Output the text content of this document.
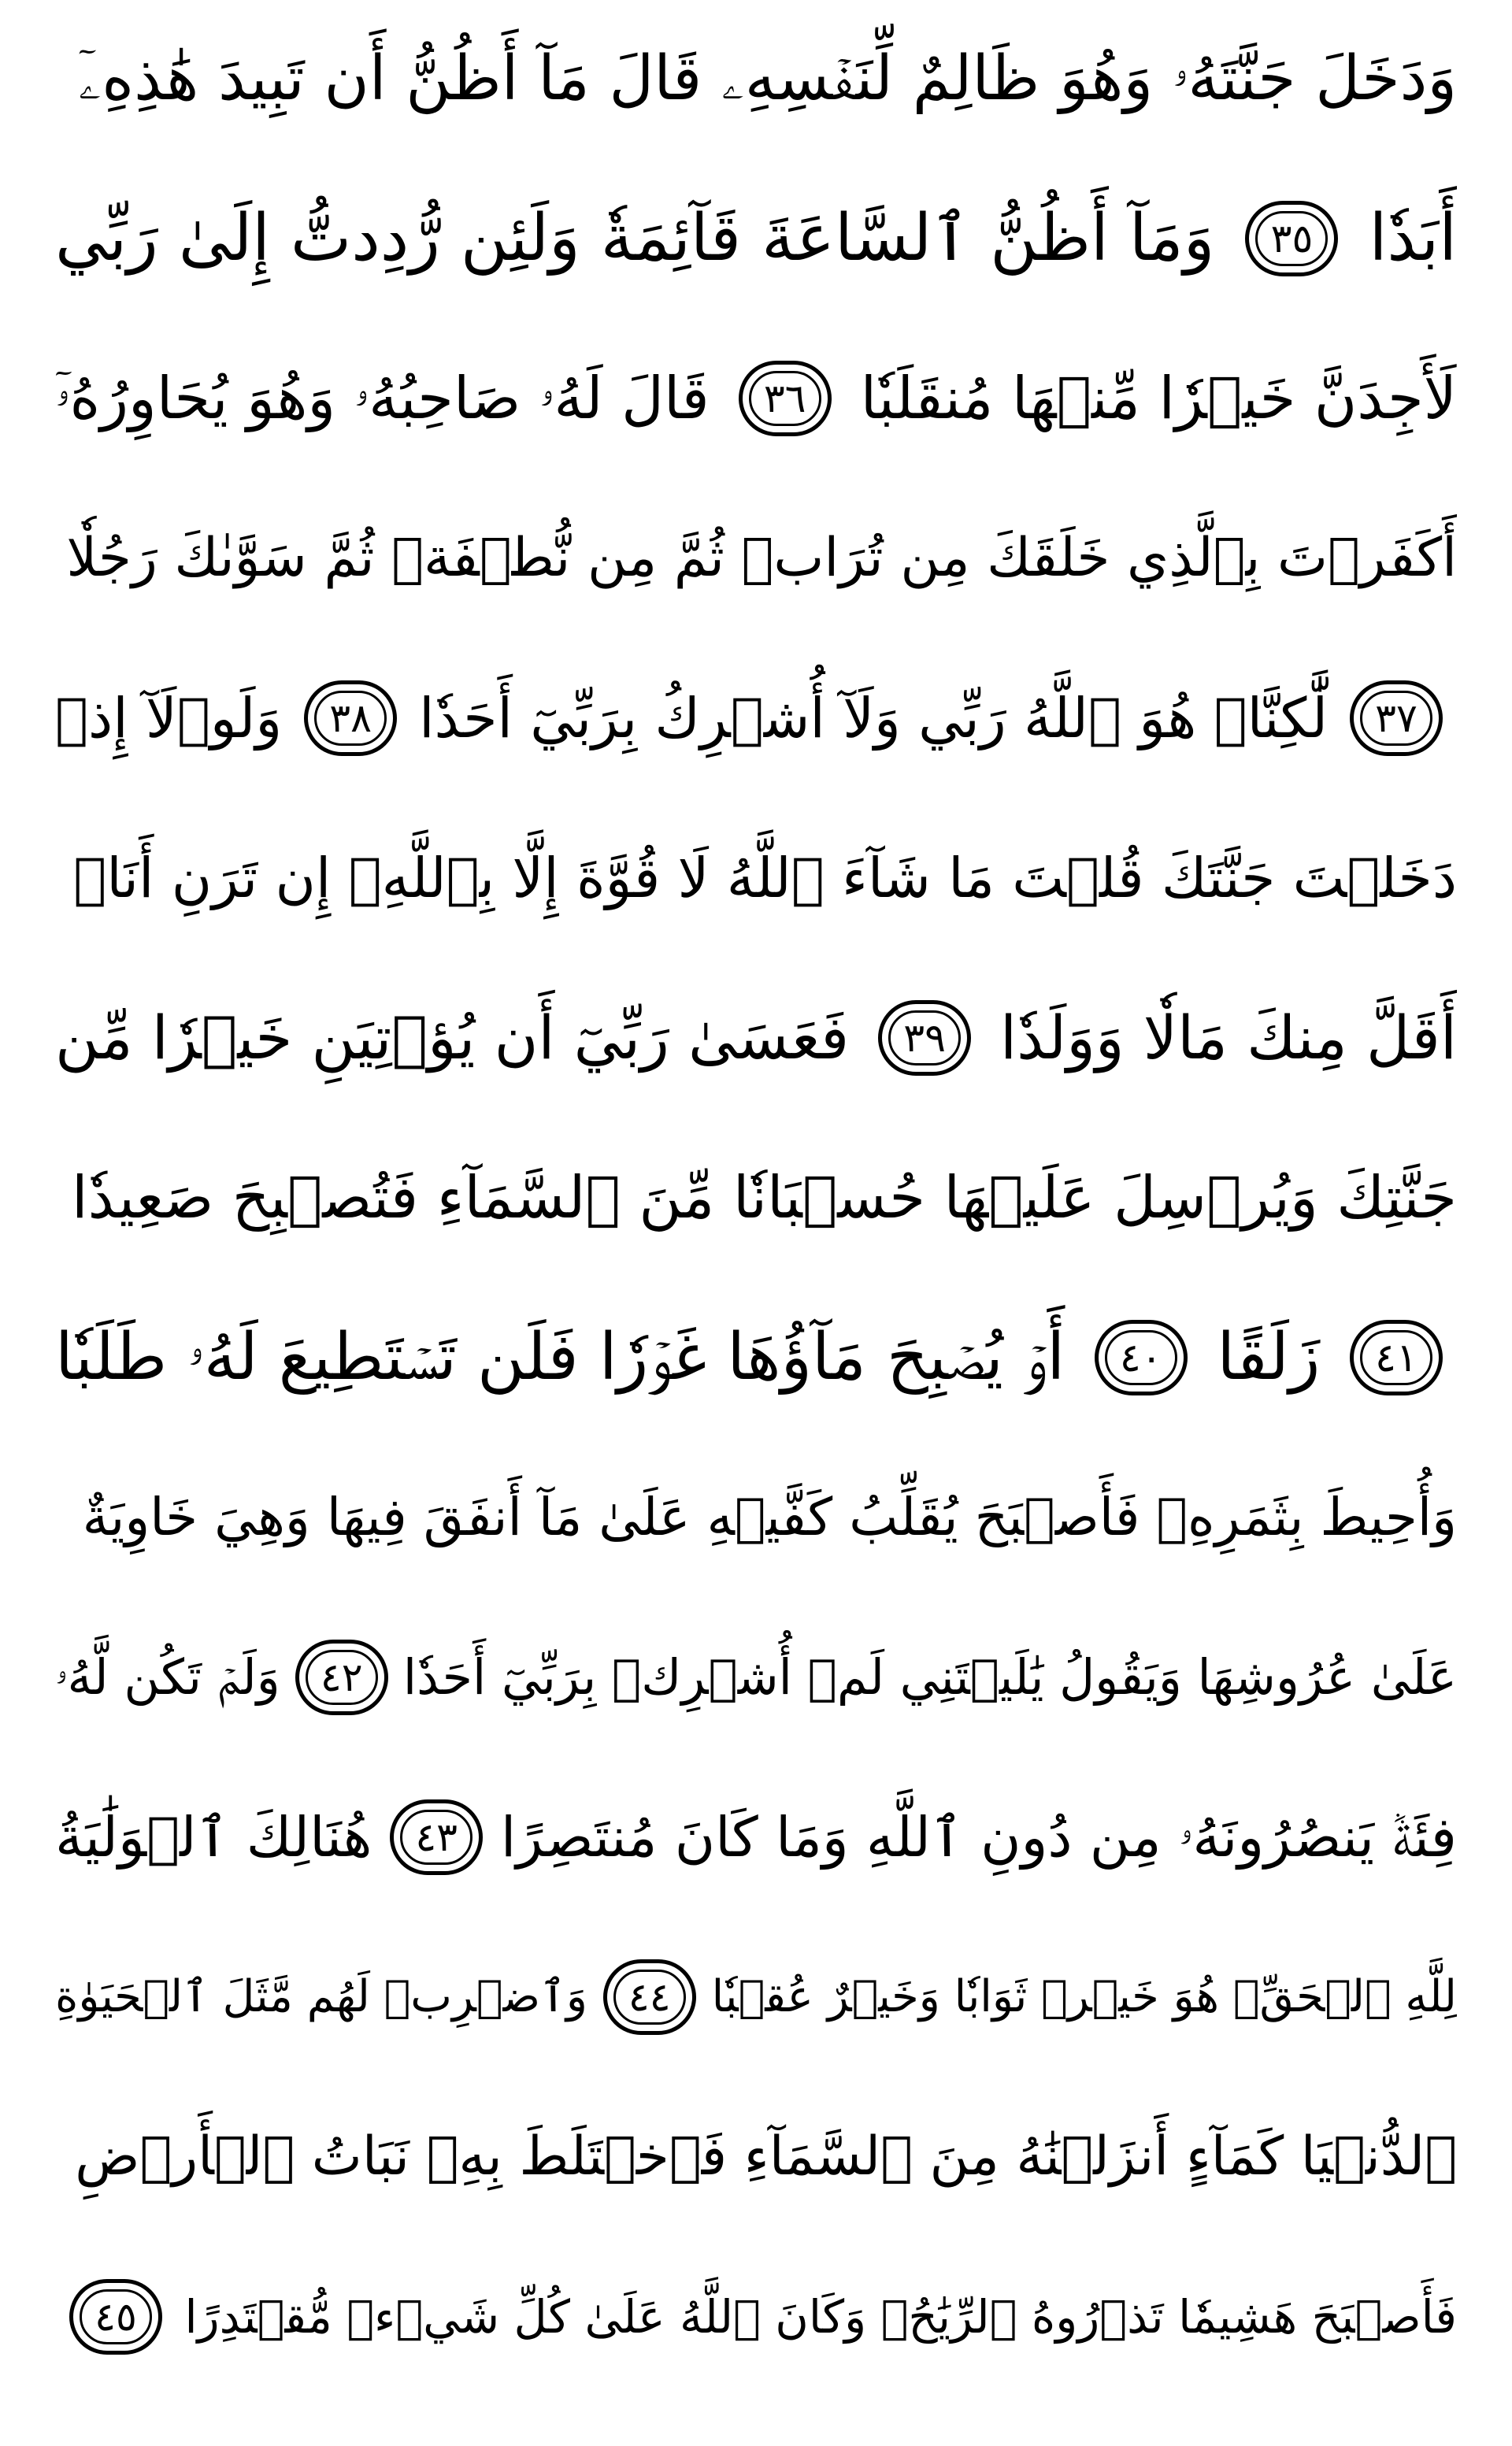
وَدَخَلَ جَنَّتَهُۥ وَهُوَ ظَالِمٌ لِّنَفۡسِهِۦ قَالَ مَآ أَظُنُّ أَن تَبِيدَ هَٰذِهِۦٓ
أَبَدٗا
٣٥
وَمَآ أَظُنُّ ٱلسَّاعَةَ قَآئِمَةٗ وَلَئِن رُّدِدتُّ إِلَىٰ رَبِّي
لَأَجِدَنَّ خَيۡرٗا مِّنۡهَا مُنقَلَبٗا
٣٦
قَالَ لَهُۥ صَاحِبُهُۥ وَهُوَ يُحَاوِرُهُۥٓ
أَكَفَرۡتَ بِٱلَّذِي خَلَقَكَ مِن تُرَابٖ ثُمَّ مِن نُّطۡفَةٖ ثُمَّ سَوَّىٰكَ رَجُلٗا
٣٧
لَّٰكِنَّا۠ هُوَ ٱللَّهُ رَبِّي وَلَآ أُشۡرِكُ بِرَبِّيٓ أَحَدٗا
٣٨
وَلَوۡلَآ إِذۡ
دَخَلۡتَ جَنَّتَكَ قُلۡتَ مَا شَآءَ ٱللَّهُ لَا قُوَّةَ إِلَّا بِٱللَّهِۚ إِن تَرَنِ أَنَا۠
أَقَلَّ مِنكَ مَالٗا وَوَلَدٗا
٣٩
فَعَسَىٰ رَبِّيٓ أَن يُؤۡتِيَنِ خَيۡرٗا مِّن
جَنَّتِكَ وَيُرۡسِلَ عَلَيۡهَا حُسۡبَانٗا مِّنَ ٱلسَّمَآءِ فَتُصۡبِحَ صَعِيدٗا
٤١
زَلَقًا
٤٠
أَوۡ يُصۡبِحَ مَآؤُهَا غَوۡرٗا فَلَن تَسۡتَطِيعَ لَهُۥ طَلَبٗا
وَأُحِيطَ بِثَمَرِهِۦ فَأَصۡبَحَ يُقَلِّبُ كَفَّيۡهِ عَلَىٰ مَآ أَنفَقَ فِيهَا وَهِيَ خَاوِيَةٌ
عَلَىٰ عُرُوشِهَا وَيَقُولُ يَٰلَيۡتَنِي لَمۡ أُشۡرِكۡ بِرَبِّيٓ أَحَدٗا
٤٢
وَلَمۡ تَكُن لَّهُۥ
فِئَةٞ يَنصُرُونَهُۥ مِن دُونِ ٱللَّهِ وَمَا كَانَ مُنتَصِرًا
٤٣
هُنَالِكَ ٱلۡوَلَٰيَةُ
لِلَّهِ ٱلۡحَقِّۚ هُوَ خَيۡرٞ ثَوَابٗا وَخَيۡرٌ عُقۡبٗا
٤٤
وَٱضۡرِبۡ لَهُم مَّثَلَ ٱلۡحَيَوٰةِ
ٱلدُّنۡيَا كَمَآءٍ أَنزَلۡنَٰهُ مِنَ ٱلسَّمَآءِ فَٱخۡتَلَطَ بِهِۦ نَبَاتُ ٱلۡأَرۡضِ
فَأَصۡبَحَ هَشِيمٗا تَذۡرُوهُ ٱلرِّيَٰحُۗ وَكَانَ ٱللَّهُ عَلَىٰ كُلِّ شَيۡءٖ مُّقۡتَدِرًا
٤٥
